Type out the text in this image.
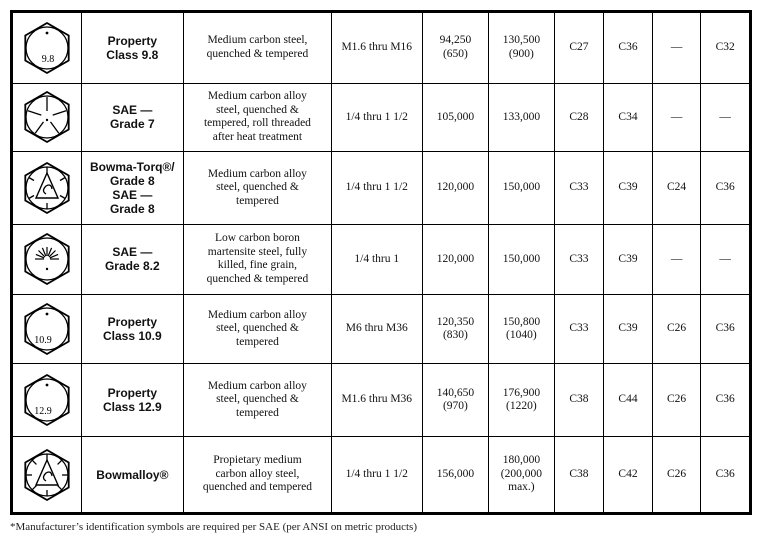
9.8	Property
Class 9.8	Medium carbon steel,
quenched & tempered	M1.6 thru M16	94,250
(650)	130,500
(900)	C27	C36	—	C32

	SAE —
Grade 7	Medium carbon alloy
steel, quenched &
tempered, roll threaded
after heat treatment	1/4 thru 1 1/2	105,000	133,000	C28	C34	—	—

	Bowma-Torq®/
Grade 8
SAE —
Grade 8	Medium carbon alloy
steel, quenched &
tempered	1/4 thru 1 1/2	120,000	150,000	C33	C39	C24	C36

	SAE —
Grade 8.2	Low carbon boron
martensite steel, fully
killed, fine grain,
quenched & tempered	1/4 thru 1	120,000	150,000	C33	C39	—	—

10.9	Property
Class 10.9	Medium carbon alloy
steel, quenched &
tempered	M6 thru M36	120,350
(830)	150,800
(1040)	C33	C39	C26	C36

12.9	Property
Class 12.9	Medium carbon alloy
steel, quenched &
tempered	M1.6 thru M36	140,650
(970)	176,900
(1220)	C38	C44	C26	C36

	Bowmalloy®	Propietary medium
carbon alloy steel,
quenched and tempered	1/4 thru 1 1/2	156,000	180,000
(200,000
max.)	C38	C42	C26	C36
*Manufacturer’s identification symbols are required per SAE (per ANSI on metric products)
